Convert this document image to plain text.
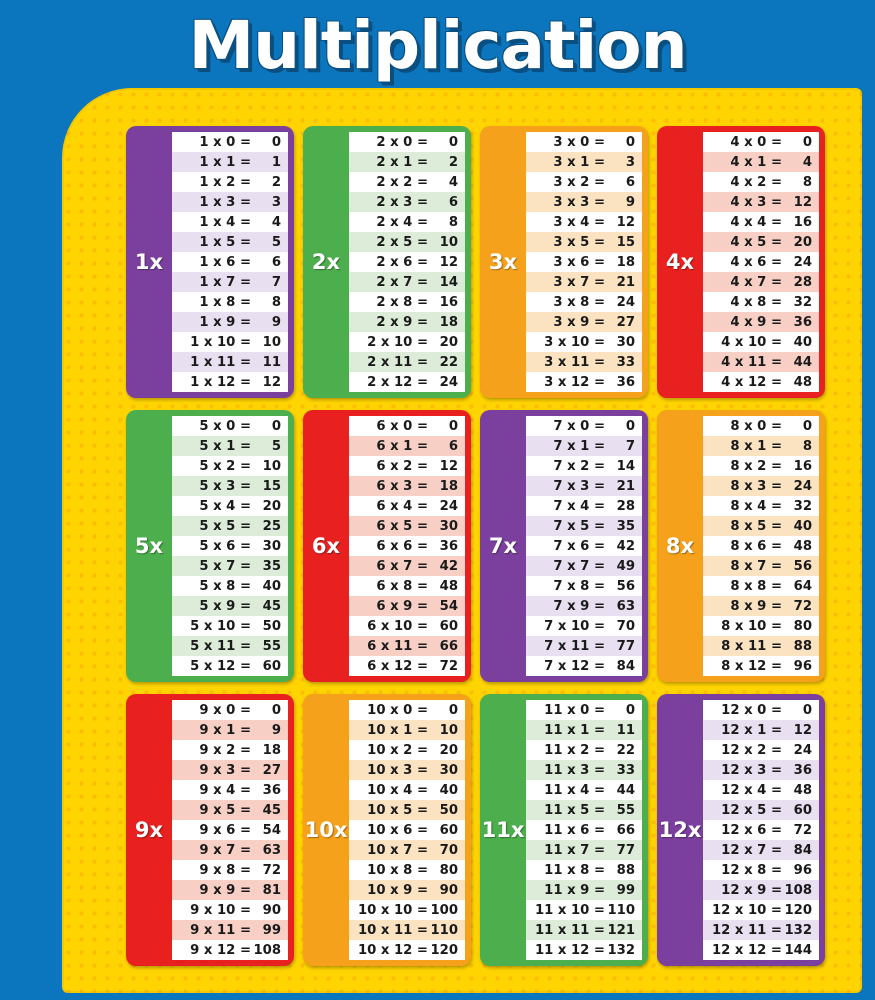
Multiplication
1x
1 x 0 =	0
1 x 1 =	1
1 x 2 =	2
1 x 3 =	3
1 x 4 =	4
1 x 5 =	5
1 x 6 =	6
1 x 7 =	7
1 x 8 =	8
1 x 9 =	9
1 x 10 = 10
1 x 11 = 11
1 x 12 = 12
2x
2 x 0 =	0
2 x 1 =	2
2 x 2 =	4
2 x 3 =	6
2 x 4 =	8
2 x 5 = 10
2 x 6 = 12
2 x 7 = 14
2 x 8 = 16
2 x 9 = 18
2 x 10 = 20
2 x 11 = 22
2 x 12 = 24
3x
3 x 0 =	0
3 x 1 =	3
3 x 2 =	6
3 x 3 =	9
3 x 4 = 12
3 x 5 = 15
3 x 6 = 18
3 x 7 = 21
3 x 8 = 24
3 x 9 = 27
3 x 10 = 30
3 x 11 = 33
3 x 12 = 36
4x
4 x 0 =	0
4 x 1 =	4
4 x 2 =	8
4 x 3 = 12
4 x 4 = 16
4 x 5 = 20
4 x 6 = 24
4 x 7 = 28
4 x 8 = 32
4 x 9 = 36
4 x 10 = 40
4 x 11 = 44
4 x 12 = 48
5x
5 x 0 =	0
5 x 1 =	5
5 x 2 = 10
5 x 3 = 15
5 x 4 = 20
5 x 5 = 25
5 x 6 = 30
5 x 7 = 35
5 x 8 = 40
5 x 9 = 45
5 x 10 = 50
5 x 11 = 55
5 x 12 = 60
6x
6 x 0 =	0
6 x 1 =	6
6 x 2 = 12
6 x 3 = 18
6 x 4 = 24
6 x 5 = 30
6 x 6 = 36
6 x 7 = 42
6 x 8 = 48
6 x 9 = 54
6 x 10 = 60
6 x 11 = 66
6 x 12 = 72
7x
7 x 0 =	0
7 x 1 =	7
7 x 2 = 14
7 x 3 = 21
7 x 4 = 28
7 x 5 = 35
7 x 6 = 42
7 x 7 = 49
7 x 8 = 56
7 x 9 = 63
7 x 10 = 70
7 x 11 = 77
7 x 12 = 84
8x
8 x 0 =	0
8 x 1 =	8
8 x 2 = 16
8 x 3 = 24
8 x 4 = 32
8 x 5 = 40
8 x 6 = 48
8 x 7 = 56
8 x 8 = 64
8 x 9 = 72
8 x 10 = 80
8 x 11 = 88
8 x 12 = 96
9x
9 x 0 =	0
9 x 1 =	9
9 x 2 = 18
9 x 3 = 27
9 x 4 = 36
9 x 5 = 45
9 x 6 = 54
9 x 7 = 63
9 x 8 = 72
9 x 9 = 81
9 x 10 = 90
9 x 11 = 99
9 x 12 = 108
10x
10 x 0 =	0
10 x 1 = 10
10 x 2 = 20
10 x 3 = 30
10 x 4 = 40
10 x 5 = 50
10 x 6 = 60
10 x 7 = 70
10 x 8 = 80
10 x 9 = 90
10 x 10 = 100
10 x 11 = 110
10 x 12 = 120
11x
11 x 0 =	0
11 x 1 = 11
11 x 2 = 22
11 x 3 = 33
11 x 4 = 44
11 x 5 = 55
11 x 6 = 66
11 x 7 = 77
11 x 8 = 88
11 x 9 = 99
11 x 10 = 110
11 x 11 = 121
11 x 12 = 132
12x
12 x 0 =	0
12 x 1 = 12
12 x 2 = 24
12 x 3 = 36
12 x 4 = 48
12 x 5 = 60
12 x 6 = 72
12 x 7 = 84
12 x 8 = 96
12 x 9 = 108
12 x 10 = 120
12 x 11 = 132
12 x 12 = 144
